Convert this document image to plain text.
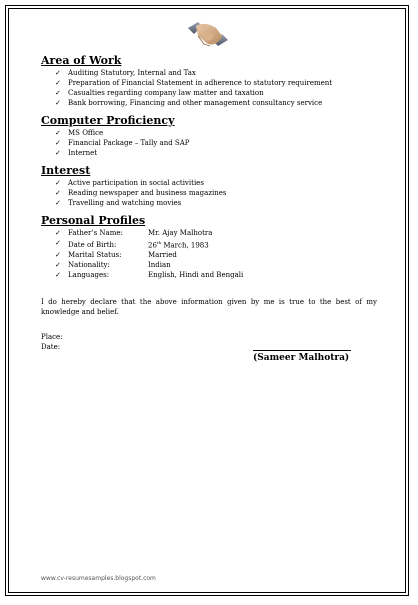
Area of Work
✓ Auditing Statutory, Internal and Tax
✓ Preparation of Financial Statement in adherence to statutory requirement
✓ Casualties regarding company law matter and taxation
✓ Bank borrowing, Financing and other management consultancy service
Computer Proficiency
✓ MS Office
✓ Financial Package – Tally and SAP
✓ Internet
Interest
✓ Active participation in social activities
✓ Reading newspaper and business magazines
✓ Travelling and watching movies
Personal Profiles
✓ Father’s Name:	Mr. Ajay Malhotra
✓ Date of Birth:	26th March, 1983
✓ Marital Status:	Married
✓ Nationality:	Indian
✓ Languages:	English, Hindi and Bengali

I do hereby declare that the above information given by me is true to the best of my knowledge and belief.

Place:
Date:
(Sameer Malhotra)
www.cv-resumesamples.blogspot.com
